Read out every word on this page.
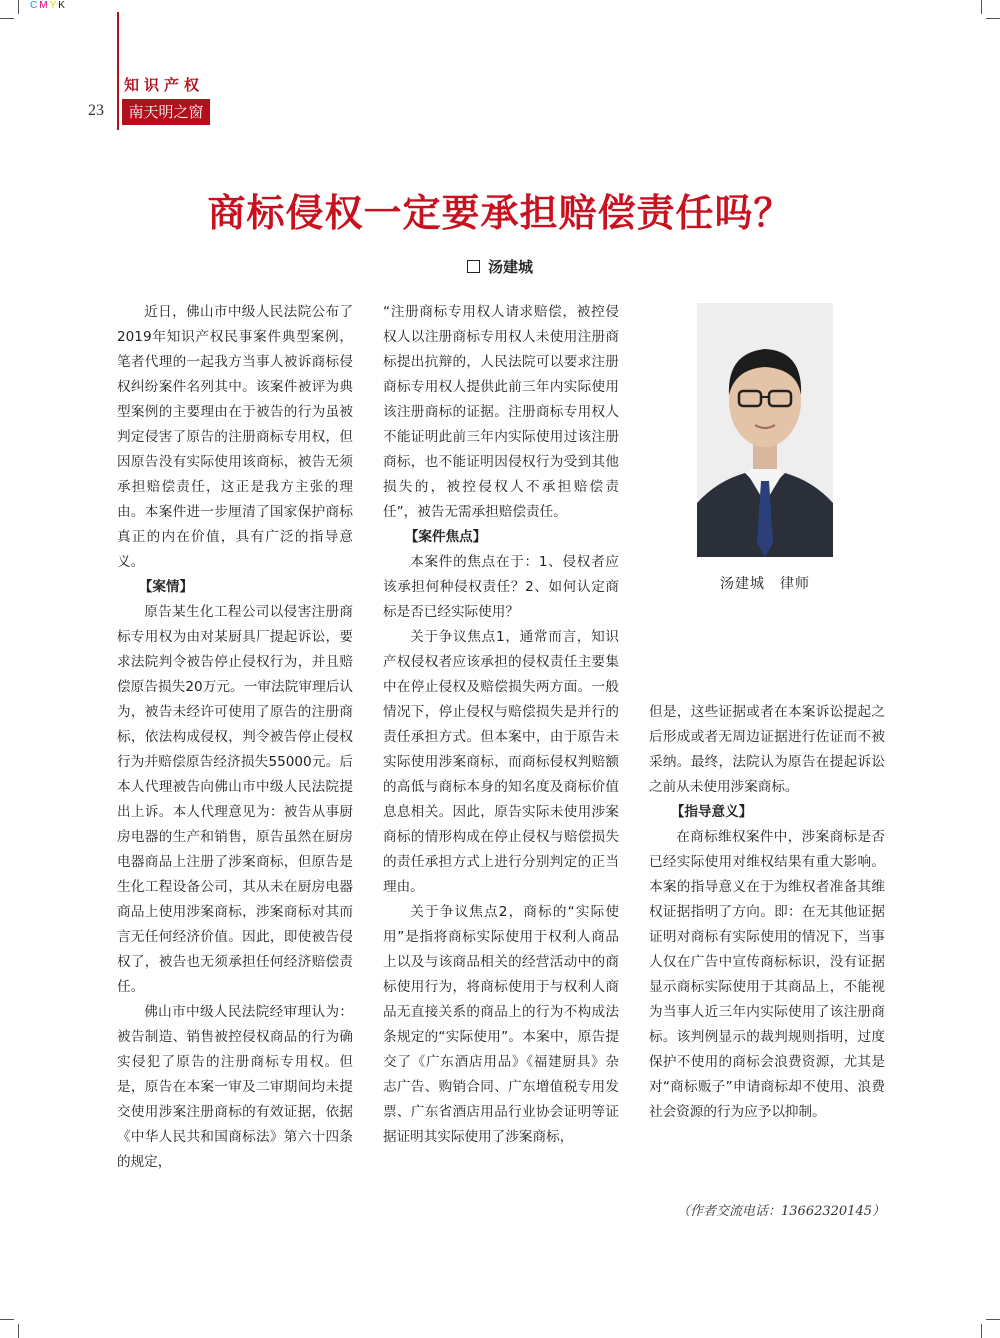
CMYK
知识产权
23	南天明之窗
商标侵权一定要承担赔偿责任吗？
汤建城

近日，佛山市中级人民法院公布了2019年知识产权民事案件典型案例，笔者代理的一起我方当事人被诉商标侵权纠纷案件名列其中。该案件被评为典型案例的主要理由在于被告的行为虽被判定侵害了原告的注册商标专用权，但因原告没有实际使用该商标，被告无须承担赔偿责任，这正是我方主张的理由。本案件进一步厘清了国家保护商标真正的内在价值，具有广泛的指导意义。

【案情】

原告某生化工程公司以侵害注册商标专用权为由对某厨具厂提起诉讼，要求法院判令被告停止侵权行为，并且赔偿原告损失20万元。一审法院审理后认为，被告未经许可使用了原告的注册商标，依法构成侵权，判令被告停止侵权行为并赔偿原告经济损失55000元。后本人代理被告向佛山市中级人民法院提出上诉。本人代理意见为：被告从事厨房电器的生产和销售，原告虽然在厨房电器商品上注册了涉案商标，但原告是生化工程设备公司，其从未在厨房电器商品上使用涉案商标，涉案商标对其而言无任何经济价值。因此，即使被告侵权了，被告也无须承担任何经济赔偿责任。

佛山市中级人民法院经审理认为：被告制造、销售被控侵权商品的行为确实侵犯了原告的注册商标专用权。但是，原告在本案一审及二审期间均未提交使用涉案注册商标的有效证据，依据《中华人民共和国商标法》第六十四条的规定，

“注册商标专用权人请求赔偿，被控侵权人以注册商标专用权人未使用注册商标提出抗辩的，人民法院可以要求注册商标专用权人提供此前三年内实际使用该注册商标的证据。注册商标专用权人不能证明此前三年内实际使用过该注册商标，也不能证明因侵权行为受到其他损失的，被控侵权人不承担赔偿责任”，被告无需承担赔偿责任。

【案件焦点】

本案件的焦点在于：1、侵权者应该承担何种侵权责任？2、如何认定商标是否已经实际使用？

关于争议焦点1，通常而言，知识产权侵权者应该承担的侵权责任主要集中在停止侵权及赔偿损失两方面。一般情况下，停止侵权与赔偿损失是并行的责任承担方式。但本案中，由于原告未实际使用涉案商标，而商标侵权判赔额的高低与商标本身的知名度及商标价值息息相关。因此，原告实际未使用涉案商标的情形构成在停止侵权与赔偿损失的责任承担方式上进行分别判定的正当理由。

关于争议焦点2，商标的“实际使用”是指将商标实际使用于权利人商品上以及与该商品相关的经营活动中的商标使用行为，将商标使用于与权利人商品无直接关系的商品上的行为不构成法条规定的“实际使用”。本案中，原告提交了《广东酒店用品》《福建厨具》杂志广告、购销合同、广东增值税专用发票、广东省酒店用品行业协会证明等证据证明其实际使用了涉案商标，

汤建城　律师

但是，这些证据或者在本案诉讼提起之后形成或者无周边证据进行佐证而不被采纳。最终，法院认为原告在提起诉讼之前从未使用涉案商标。

【指导意义】

在商标维权案件中，涉案商标是否已经实际使用对维权结果有重大影响。本案的指导意义在于为维权者准备其维权证据指明了方向。即：在无其他证据证明对商标有实际使用的情况下，当事人仅在广告中宣传商标标识，没有证据显示商标实际使用于其商品上，不能视为当事人近三年内实际使用了该注册商标。该判例显示的裁判规则指明，过度保护不使用的商标会浪费资源，尤其是对“商标贩子”申请商标却不使用、浪费社会资源的行为应予以抑制。

（作者交流电话：13662320145）
